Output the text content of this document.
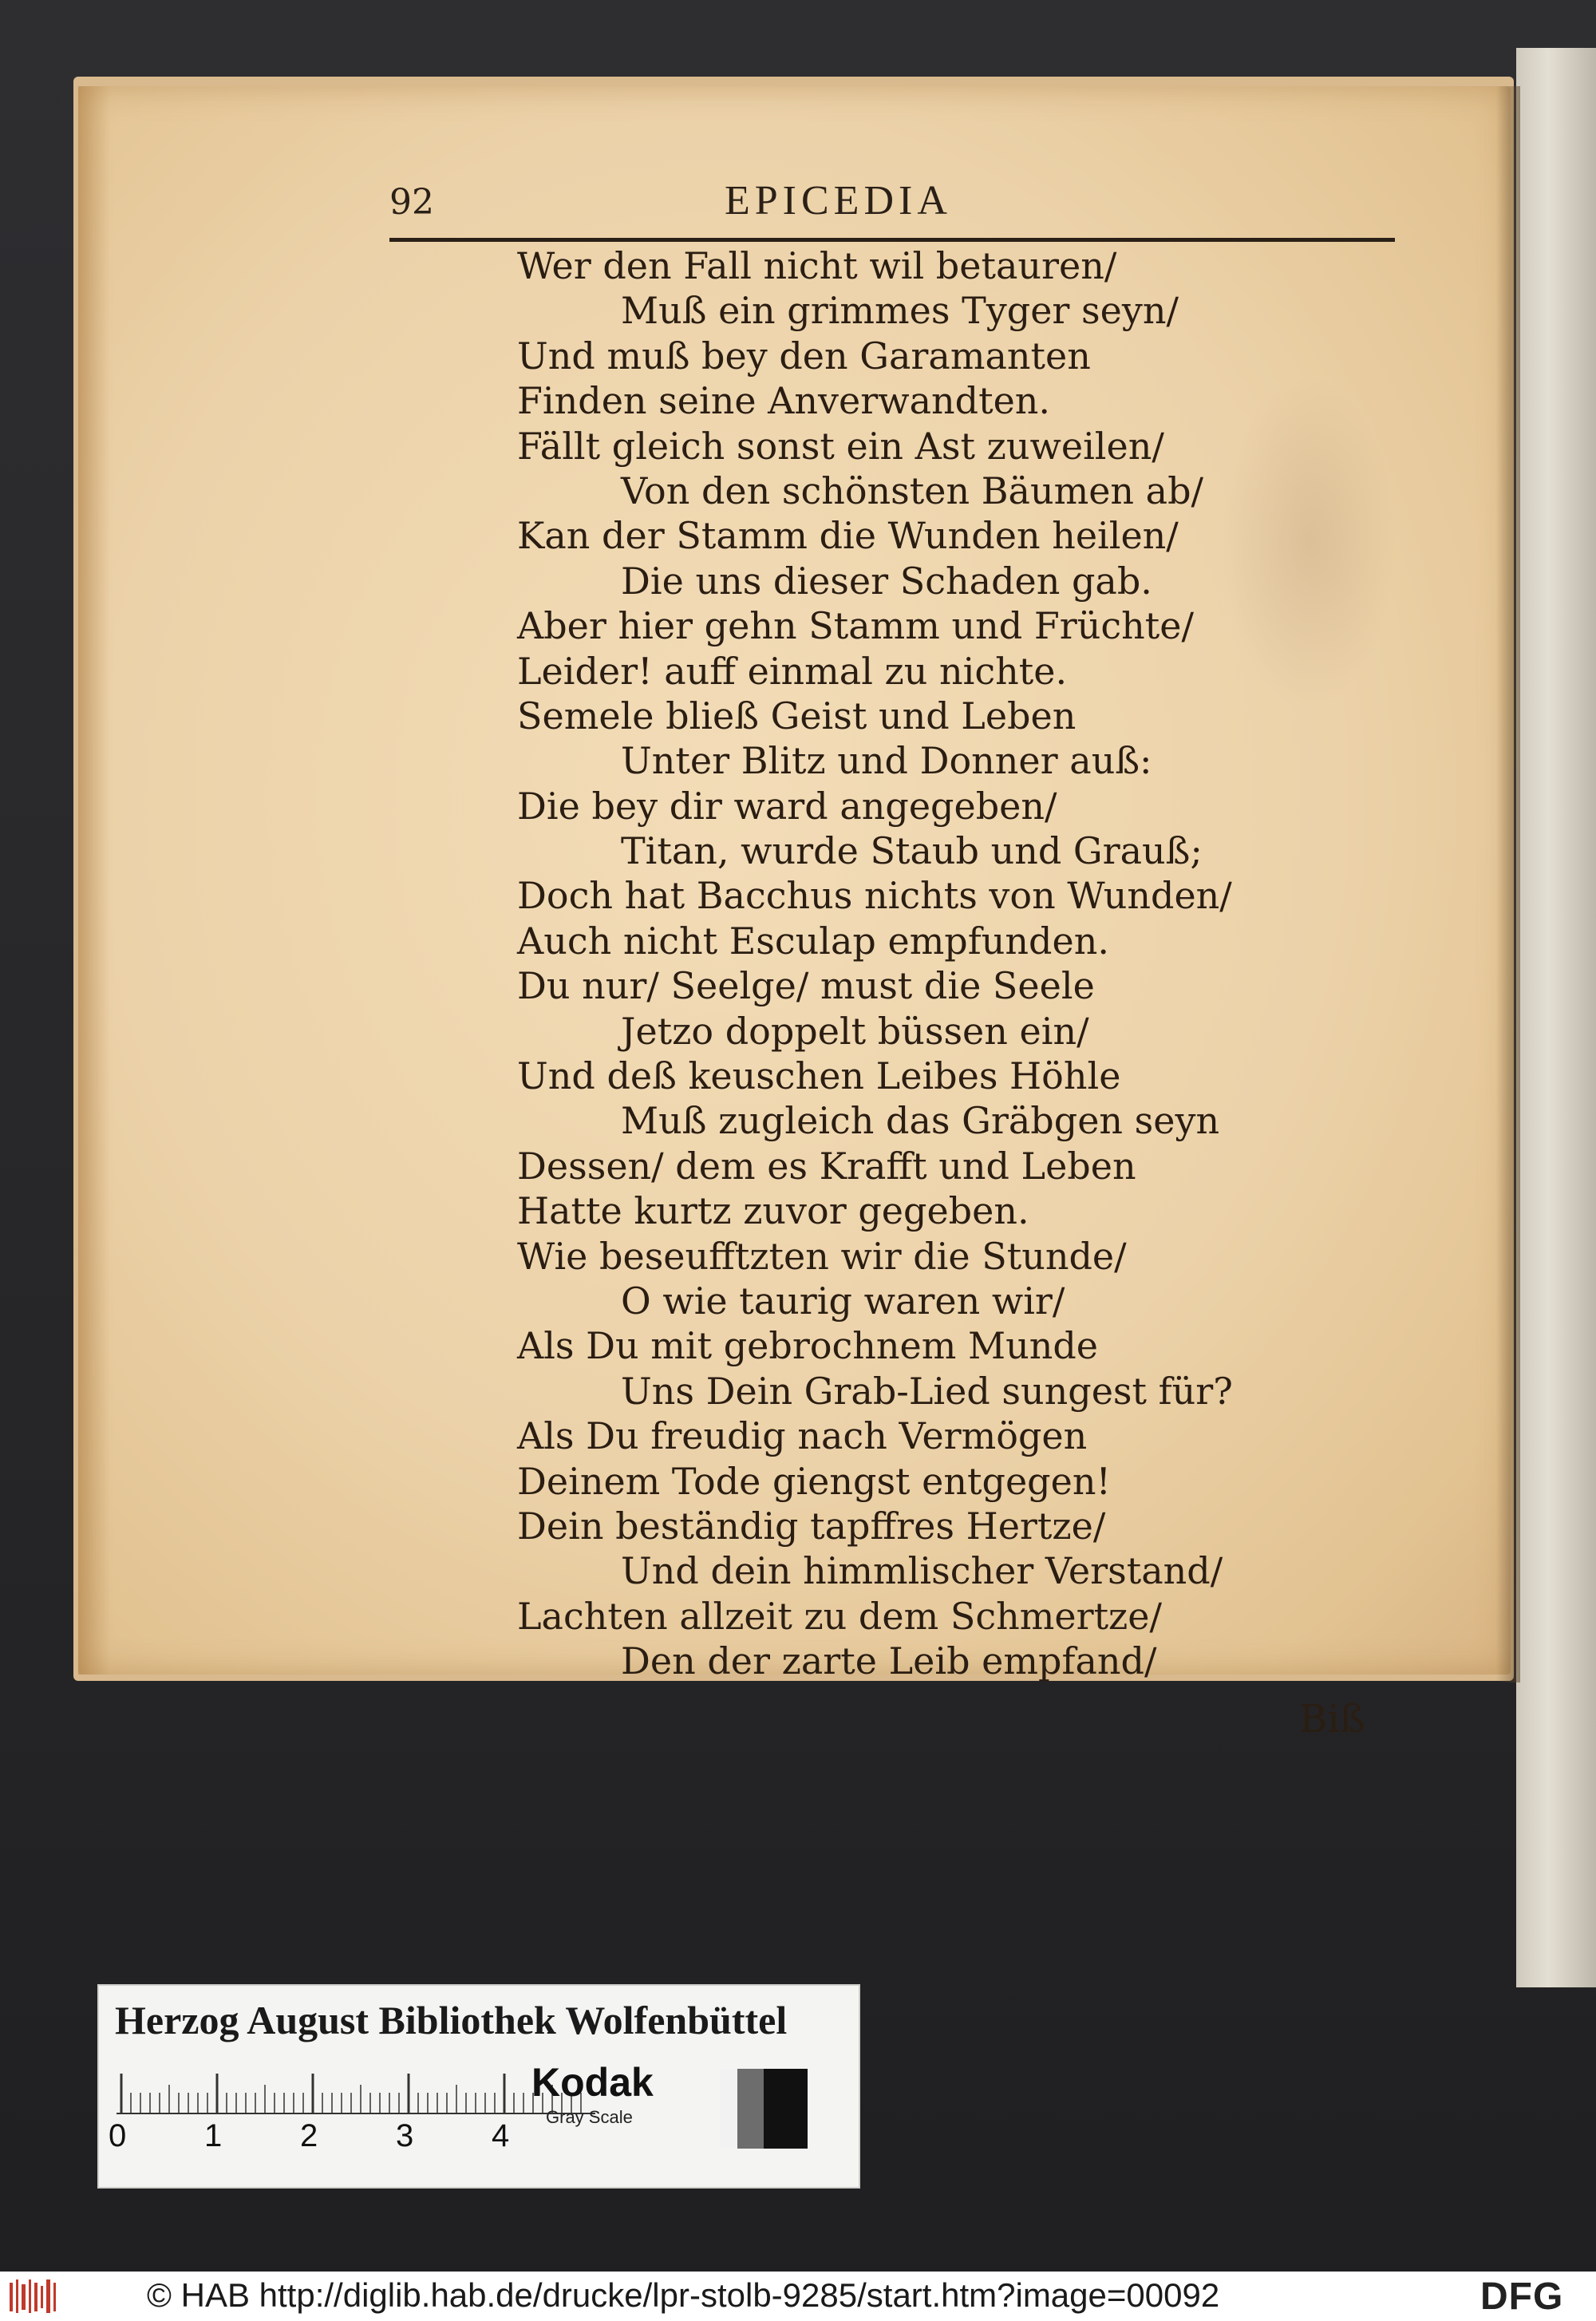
92	EPICEDIA
Wer den Fall nicht wil betauren/
Muß ein grimmes Tyger seyn/
Und muß bey den Garamanten
Finden seine Anverwandten.
Fällt gleich sonst ein Ast zuweilen/
Von den schönsten Bäumen ab/
Kan der Stamm die Wunden heilen/
Die uns dieser Schaden gab.
Aber hier gehn Stamm und Früchte/
Leider! auff einmal zu nichte.
Semele bließ Geist und Leben
Unter Blitz und Donner auß:
Die bey dir ward angegeben/
Titan, wurde Staub und Grauß;
Doch hat Bacchus nichts von Wunden/
Auch nicht Esculap empfunden.
Du nur/ Seelge/ must die Seele
Jetzo doppelt büssen ein/
Und deß keuschen Leibes Höhle
Muß zugleich das Gräbgen seyn
Dessen/ dem es Krafft und Leben
Hatte kurtz zuvor gegeben.
Wie beseufftzten wir die Stunde/
O wie taurig waren wir/
Als Du mit gebrochnem Munde
Uns Dein Grab-Lied sungest für?
Als Du freudig nach Vermögen
Deinem Tode giengst entgegen!
Dein beständig tapffres Hertze/
Und dein himmlischer Verstand/
Lachten allzeit zu dem Schmertze/
Den der zarte Leib empfand/
Biß
Herzog August Bibliothek Wolfenbüttel
0 1 2 3 4
Kodak
Gray Scale
© HAB http://diglib.hab.de/drucke/lpr-stolb-9285/start.htm?image=00092	DFG
